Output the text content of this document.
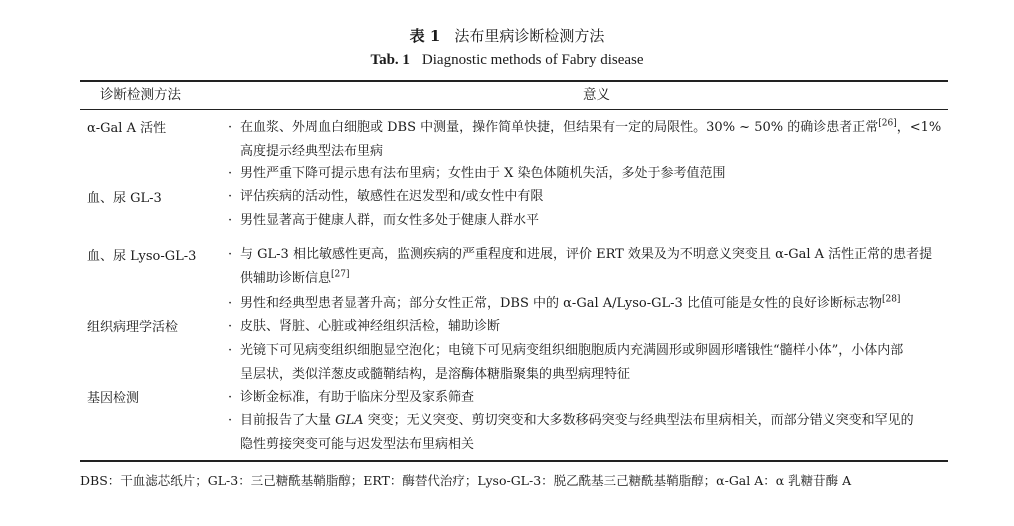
表 1 法布里病诊断检测方法
Tab. 1 Diagnostic methods of Fabry disease
诊断检测方法	意义
α-Gal A 活性
血、尿 GL-3
血、尿 Lyso-GL-3
组织病理学活检
基因检测
· 在血浆、外周血白细胞或 DBS 中测量，操作简单快捷，但结果有一定的局限性。30% ~ 50% 的确诊患者正常[26]，<1%
高度提示经典型法布里病
· 男性严重下降可提示患有法布里病；女性由于 X 染色体随机失活，多处于参考值范围
· 评估疾病的活动性，敏感性在迟发型和/或女性中有限
· 男性显著高于健康人群，而女性多处于健康人群水平
· 与 GL-3 相比敏感性更高，监测疾病的严重程度和进展，评价 ERT 效果及为不明意义突变且 α-Gal A 活性正常的患者提
供辅助诊断信息[27]
· 男性和经典型患者显著升高；部分女性正常，DBS 中的 α-Gal A/Lyso-GL-3 比值可能是女性的良好诊断标志物[28]
· 皮肤、肾脏、心脏或神经组织活检，辅助诊断
· 光镜下可见病变组织细胞显空泡化；电镜下可见病变组织细胞胞质内充满圆形或卵圆形嗜锇性“髓样小体”，小体内部
呈层状，类似洋葱皮或髓鞘结构，是溶酶体糖脂聚集的典型病理特征
· 诊断金标准，有助于临床分型及家系筛查
· 目前报告了大量 GLA 突变；无义突变、剪切突变和大多数移码突变与经典型法布里病相关，而部分错义突变和罕见的
隐性剪接突变可能与迟发型法布里病相关
DBS：干血滤芯纸片；GL-3：三己糖酰基鞘脂醇；ERT：酶替代治疗；Lyso-GL-3：脱乙酰基三己糖酰基鞘脂醇；α-Gal A：α 乳糖苷酶 A
